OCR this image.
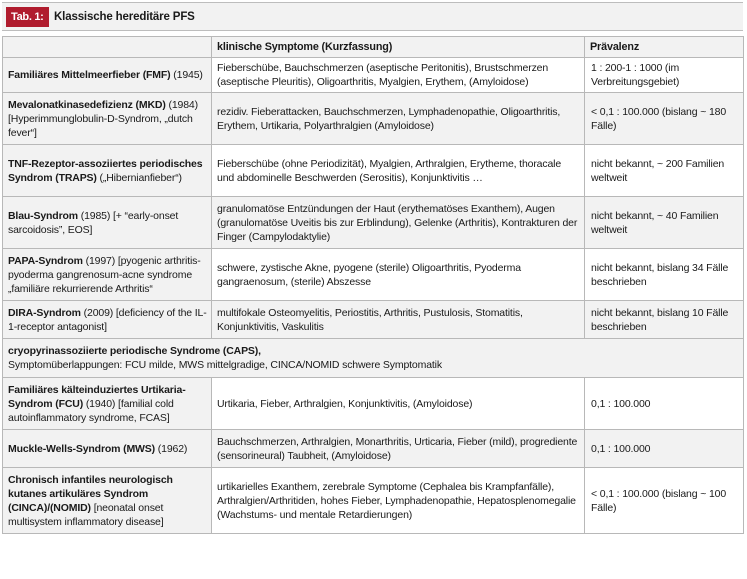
Tab. 1: Klassische hereditäre PFS
	klinische Symptome (Kurzfassung)	Prävalenz
Familiäres Mittelmeerfieber (FMF) (1945)	Fieberschübe, Bauchschmerzen (aseptische Peritonitis), Brustschmerzen (aseptische Pleuritis), Oligoarthritis, Myalgien, Erythem, (Amyloidose)	1 : 200-1 : 1000 (im Verbreitungsgebiet)
Mevalonatkinasedefizienz (MKD) (1984) [Hyperimmunglobulin-D-Syndrom, „dutch fever“]	rezidiv. Fieberattacken, Bauchschmerzen, Lymphadenopathie, Oligoarthritis, Erythem, Urtikaria, Polyarthralgien (Amyloidose)	< 0,1 : 100.000 (bislang ~ 180 Fälle)
TNF-Rezeptor-assoziiertes periodisches Syndrom (TRAPS) („Hibernianfieber“)	Fieberschübe (ohne Periodizität), Myalgien, Arthralgien, Erytheme, thoracale und abdominelle Beschwerden (Serositis), Konjunktivitis …	nicht bekannt, ~ 200 Familien weltweit
Blau-Syndrom (1985) [+ “early-onset sarcoidosis”, EOS]	granulomatöse Entzündungen der Haut (erythematöses Exanthem), Augen (granulomatöse Uveitis bis zur Erblindung), Gelenke (Arthritis), Kontrakturen der Finger (Campylodaktylie)	nicht bekannt, ~ 40 Familien weltweit
PAPA-Syndrom (1997) [pyogenic arthritis-pyoderma gangrenosum-acne syndrome „familiäre rekurrierende Arthritis“	schwere, zystische Akne, pyogene (sterile) Oligoarthritis, Pyoderma gangraenosum, (sterile) Abszesse	nicht bekannt, bislang 34 Fälle beschrieben
DIRA-Syndrom (2009) [deficiency of the IL-1-receptor antagonist]	multifokale Osteomyelitis, Periostitis, Arthritis, Pustulosis, Stomatitis, Konjunktivitis, Vaskulitis	nicht bekannt, bislang 10 Fälle beschrieben

cryopyrinassoziierte periodische Syndrome (CAPS),
Symptomüberlappungen: FCU milde, MWS mittelgradige, CINCA/NOMID schwere Symptomatik		

Familiäres kälteinduziertes Urtikaria-Syndrom (FCU) (1940) [familial cold autoinflammatory syndrome, FCAS]	Urtikaria, Fieber, Arthralgien, Konjunktivitis, (Amyloidose)	0,1 : 100.000
Muckle-Wells-Syndrom (MWS) (1962)	Bauchschmerzen, Arthralgien, Monarthritis, Urticaria, Fieber (mild), progrediente (sensorineural) Taubheit, (Amyloidose)	0,1 : 100.000
Chronisch infantiles neurologisch kutanes artikuläres Syndrom (CINCA)/(NOMID) [neonatal onset multisystem inflammatory disease]	urtikarielles Exanthem, zerebrale Symptome (Cephalea bis Krampfanfälle), Arthralgien/Arthritiden, hohes Fieber, Lymphadenopathie, Hepatosplenomegalie (Wachstums- und mentale Retardierungen)	< 0,1 : 100.000 (bislang ~ 100 Fälle)
